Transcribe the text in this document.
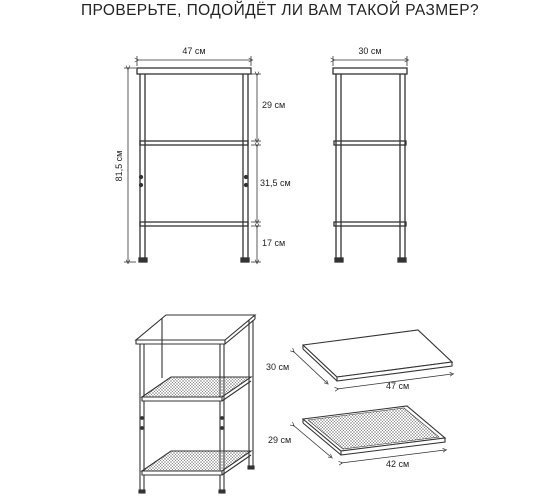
ПРОВЕРЬТЕ, ПОДОЙДЁТ ЛИ ВАМ ТАКОЙ РАЗМЕР?
47 см
81,5 см
29 см
31,5 см
17 см
30 см
30 см
47 см
29 см
42 см
